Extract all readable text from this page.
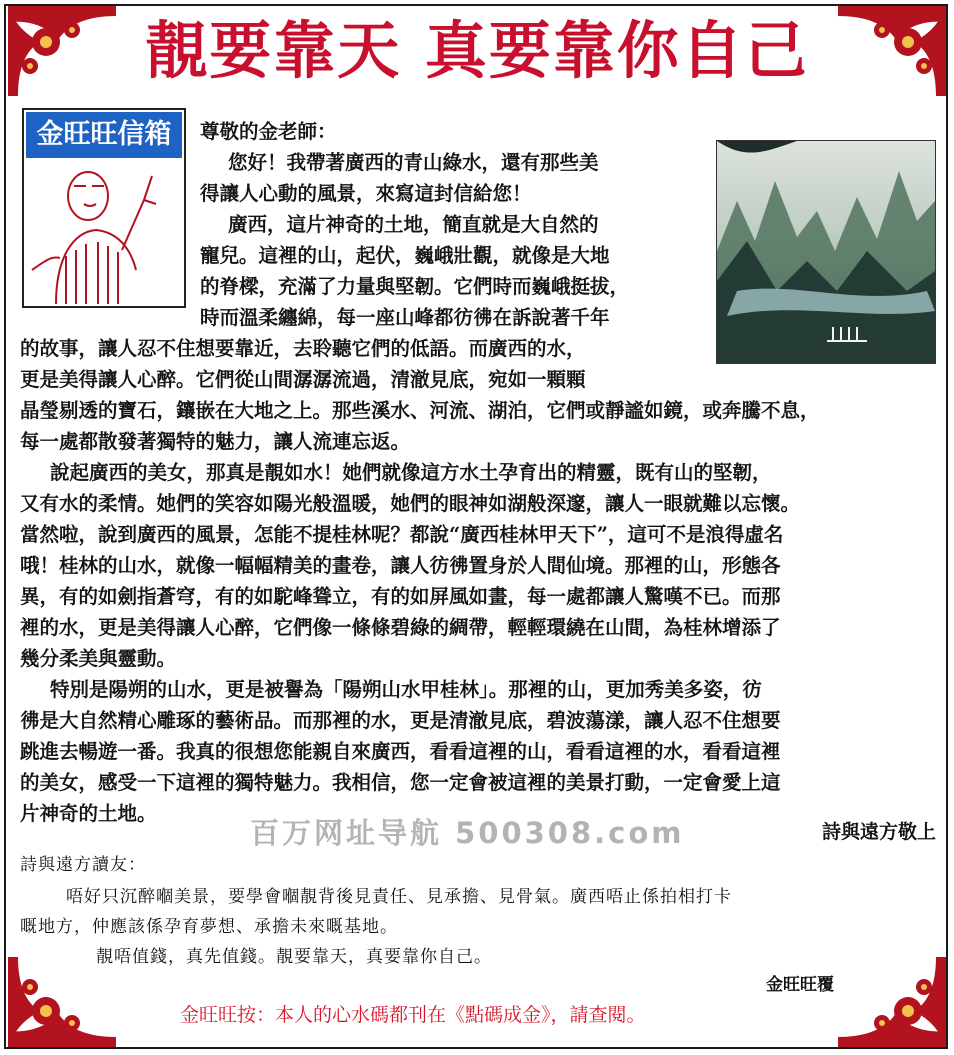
靚要靠天 真要靠你自己
金旺旺信箱	尊敬的金老師：
您好！我帶著廣西的青山綠水，還有那些美
得讓人心動的風景，來寫這封信給您！
廣西，這片神奇的土地，簡直就是大自然的
寵兒。這裡的山，起伏，巍峨壯觀，就像是大地
的脊樑，充滿了力量與堅韌。它們時而巍峨挺拔，
時而溫柔纏綿，每一座山峰都彷彿在訴說著千年
的故事，讓人忍不住想要靠近，去聆聽它們的低語。而廣西的水，
更是美得讓人心醉。它們從山間潺潺流過，清澈見底，宛如一顆顆
晶瑩剔透的寶石，鑲嵌在大地之上。那些溪水、河流、湖泊，它們或靜謐如鏡，或奔騰不息，
每一處都散發著獨特的魅力，讓人流連忘返。
說起廣西的美女，那真是靚如水！她們就像這方水土孕育出的精靈，既有山的堅韌，
又有水的柔情。她們的笑容如陽光般溫暖，她們的眼神如湖般深邃，讓人一眼就難以忘懷。
當然啦，說到廣西的風景，怎能不提桂林呢？都說“廣西桂林甲天下”，這可不是浪得虛名
哦！桂林的山水，就像一幅幅精美的畫卷，讓人彷彿置身於人間仙境。那裡的山，形態各
異，有的如劍指蒼穹，有的如駝峰聳立，有的如屏風如畫，每一處都讓人驚嘆不已。而那
裡的水，更是美得讓人心醉，它們像一條條碧綠的綢帶，輕輕環繞在山間，為桂林增添了
幾分柔美與靈動。
特別是陽朔的山水，更是被譽為「陽朔山水甲桂林」。那裡的山，更加秀美多姿，彷
彿是大自然精心雕琢的藝術品。而那裡的水，更是清澈見底，碧波蕩漾，讓人忍不住想要
跳進去暢遊一番。我真的很想您能親自來廣西，看看這裡的山，看看這裡的水，看看這裡
的美女，感受一下這裡的獨特魅力。我相信，您一定會被這裡的美景打動，一定會愛上這
片神奇的土地。
百万网址导航 500308.com	詩與遠方敬上
詩與遠方讀友：
唔好只沉醉嗰美景，要學會嗰靚背後見責任、見承擔、見骨氣。廣西唔止係拍相打卡
嘅地方，仲應該係孕育夢想、承擔未來嘅基地。
靚唔值錢，真先值錢。靚要靠天，真要靠你自己。
金旺旺覆
金旺旺按：本人的心水碼都刊在《點碼成金》，請查閱。
